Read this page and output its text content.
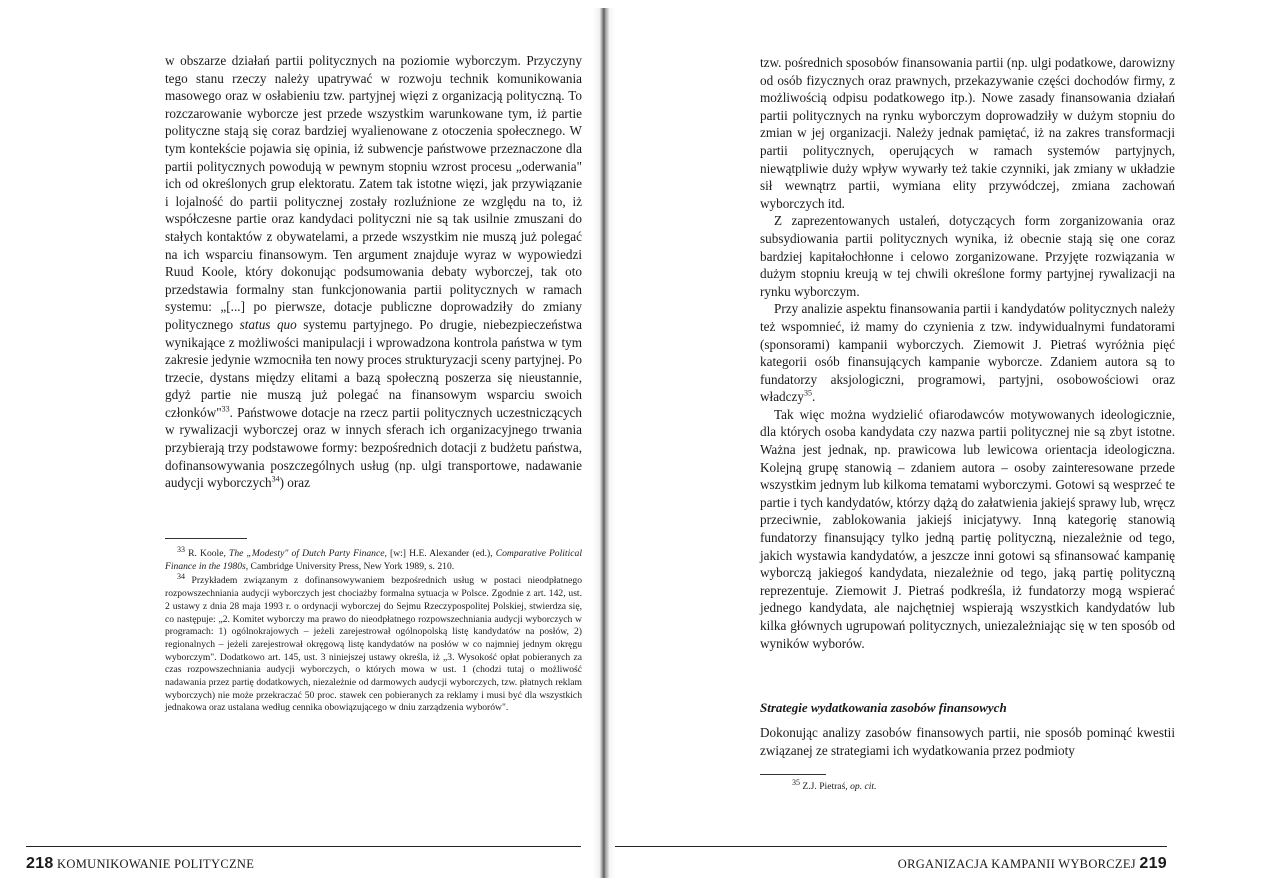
w obszarze działań partii politycznych na poziomie wyborczym. Przyczyny tego stanu rzeczy należy upatrywać w rozwoju technik komunikowania masowego oraz w osłabieniu tzw. partyjnej więzi z organizacją polityczną. To rozczarowanie wyborcze jest przede wszystkim warunkowane tym, iż partie polityczne stają się coraz bardziej wyalienowane z otoczenia społecznego. W tym kontekście pojawia się opinia, iż subwencje państwowe przeznaczone dla partii politycznych powodują w pewnym stopniu wzrost procesu „oderwania" ich od określonych grup elektoratu. Zatem tak istotne więzi, jak przywiązanie i lojalność do partii politycznej zostały rozluźnione ze względu na to, iż współczesne partie oraz kandydaci polityczni nie są tak usilnie zmuszani do stałych kontaktów z obywatelami, a przede wszystkim nie muszą już polegać na ich wsparciu finansowym. Ten argument znajduje wyraz w wypowiedzi Ruud Koole, który dokonując podsumowania debaty wyborczej, tak oto przedstawia formalny stan funkcjonowania partii politycznych w ramach systemu: „[...] po pierwsze, dotacje publiczne doprowadziły do zmiany politycznego status quo systemu partyjnego. Po drugie, niebezpieczeństwa wynikające z możliwości manipulacji i wprowadzona kontrola państwa w tym zakresie jedynie wzmocniła ten nowy proces strukturyzacji sceny partyjnej. Po trzecie, dystans między elitami a bazą społeczną poszerza się nieustannie, gdyż partie nie muszą już polegać na finansowym wsparciu swoich członków"$^{33}$. Państwowe dotacje na rzecz partii politycznych uczestniczących w rywalizacji wyborczej oraz w innych sferach ich organizacyjnego trwania przybierają trzy podstawowe formy: bezpośrednich dotacji z budżetu państwa, dofinansowywania poszczególnych usług (np. ulgi transportowe, nadawanie audycji wyborczych$^{34}$) oraz

$^{33}$ R. Koole, The „Modesty" of Dutch Party Finance, [w:] H.E. Alexander (ed.), Comparative Political Finance in the 1980s, Cambridge University Press, New York 1989, s. 210.

$^{34}$ Przykładem związanym z dofinansowywaniem bezpośrednich usług w postaci nieodpłatnego rozpowszechniania audycji wyborczych jest chociażby formalna sytuacja w Polsce. Zgodnie z art. 142, ust. 2 ustawy z dnia 28 maja 1993 r. o ordynacji wyborczej do Sejmu Rzeczypospolitej Polskiej, stwierdza się, co następuje: „2. Komitet wyborczy ma prawo do nieodpłatnego rozpowszechniania audycji wyborczych w programach: 1) ogólnokrajowych – jeżeli zarejestrował ogólnopolską listę kandydatów na posłów, 2) regionalnych – jeżeli zarejestrował okręgową listę kandydatów na posłów w co najmniej jednym okręgu wyborczym". Dodatkowo art. 145, ust. 3 niniejszej ustawy określa, iż „3. Wysokość opłat pobieranych za czas rozpowszechniania audycji wyborczych, o których mowa w ust. 1 (chodzi tutaj o możliwość nadawania przez partię dodatkowych, niezależnie od darmowych audycji wyborczych, tzw. płatnych reklam wyborczych) nie może przekraczać 50 proc. stawek cen pobieranych za reklamy i musi być dla wszystkich jednakowa oraz ustalana według cennika obowiązującego w dniu zarządzenia wyborów".

218 KOMUNIKOWANIE POLITYCZNE

tzw. pośrednich sposobów finansowania partii (np. ulgi podatkowe, darowizny od osób fizycznych oraz prawnych, przekazywanie części dochodów firmy, z możliwością odpisu podatkowego itp.). Nowe zasady finansowania działań partii politycznych na rynku wyborczym doprowadziły w dużym stopniu do zmian w jej organizacji. Należy jednak pamiętać, iż na zakres transformacji partii politycznych, operujących w ramach systemów partyjnych, niewątpliwie duży wpływ wywarły też takie czynniki, jak zmiany w układzie sił wewnątrz partii, wymiana elity przywódczej, zmiana zachowań wyborczych itd.

Z zaprezentowanych ustaleń, dotyczących form zorganizowania oraz subsydiowania partii politycznych wynika, iż obecnie stają się one coraz bardziej kapitałochłonne i celowo zorganizowane. Przyjęte rozwiązania w dużym stopniu kreują w tej chwili określone formy partyjnej rywalizacji na rynku wyborczym.

Przy analizie aspektu finansowania partii i kandydatów politycznych należy też wspomnieć, iż mamy do czynienia z tzw. indywidualnymi fundatorami (sponsorami) kampanii wyborczych. Ziemowit J. Pietraś wyróżnia pięć kategorii osób finansujących kampanie wyborcze. Zdaniem autora są to fundatorzy aksjologiczni, programowi, partyjni, osobowościowi oraz władczy$^{35}$.

Tak więc można wydzielić ofiarodawców motywowanych ideologicznie, dla których osoba kandydata czy nazwa partii politycznej nie są zbyt istotne. Ważna jest jednak, np. prawicowa lub lewicowa orientacja ideologiczna. Kolejną grupę stanowią – zdaniem autora – osoby zainteresowane przede wszystkim jednym lub kilkoma tematami wyborczymi. Gotowi są wesprzeć te partie i tych kandydatów, którzy dążą do załatwienia jakiejś sprawy lub, wręcz przeciwnie, zablokowania jakiejś inicjatywy. Inną kategorię stanowią fundatorzy finansujący tylko jedną partię polityczną, niezależnie od tego, jakich wystawia kandydatów, a jeszcze inni gotowi są sfinansować kampanię wyborczą jakiegoś kandydata, niezależnie od tego, jaką partię polityczną reprezentuje. Ziemowit J. Pietraś podkreśla, iż fundatorzy mogą wspierać jednego kandydata, ale najchętniej wspierają wszystkich kandydatów lub kilka głównych ugrupowań politycznych, uniezależniając się w ten sposób od wyników wyborów.

Strategie wydatkowania zasobów finansowych

Dokonując analizy zasobów finansowych partii, nie sposób pominąć kwestii związanej ze strategiami ich wydatkowania przez podmioty

$^{35}$ Z.J. Pietraś, op. cit.

ORGANIZACJA KAMPANII WYBORCZEJ 219
